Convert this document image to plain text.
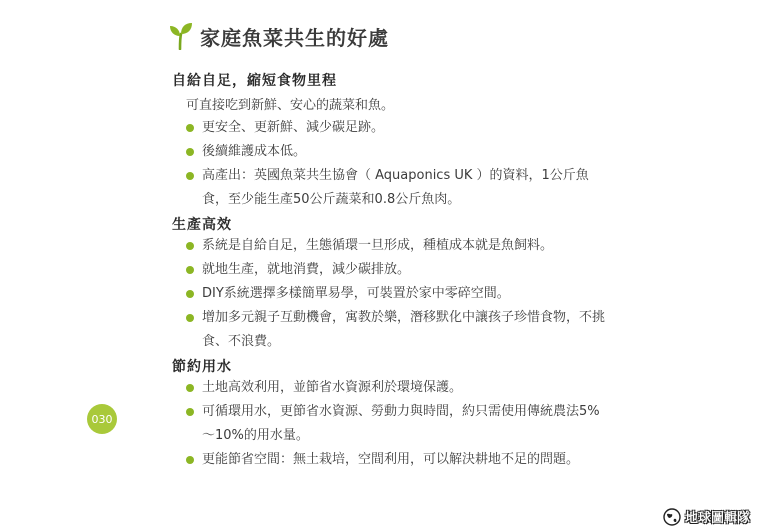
家庭魚菜共生的好處
自給自足，縮短食物里程
可直接吃到新鮮、安心的蔬菜和魚。
更安全、更新鮮、減少碳足跡。
後續維護成本低。
高產出：英國魚菜共生協會（ Aquaponics UK ）的資料，1公斤魚食，至少能生產50公斤蔬菜和0.8公斤魚肉。
生產高效
系統是自給自足，生態循環一旦形成，種植成本就是魚飼料。
就地生產，就地消費，減少碳排放。
DIY系統選擇多樣簡單易學，可裝置於家中零碎空間。
增加多元親子互動機會，寓教於樂，潛移默化中讓孩子珍惜食物，不挑食、不浪費。
節約用水
土地高效利用，並節省水資源利於環境保護。
可循環用水，更節省水資源、勞動力與時間，約只需使用傳統農法5%～10%的用水量。
更能節省空間：無土栽培，空間利用，可以解決耕地不足的問題。
030
地球圖輯隊
